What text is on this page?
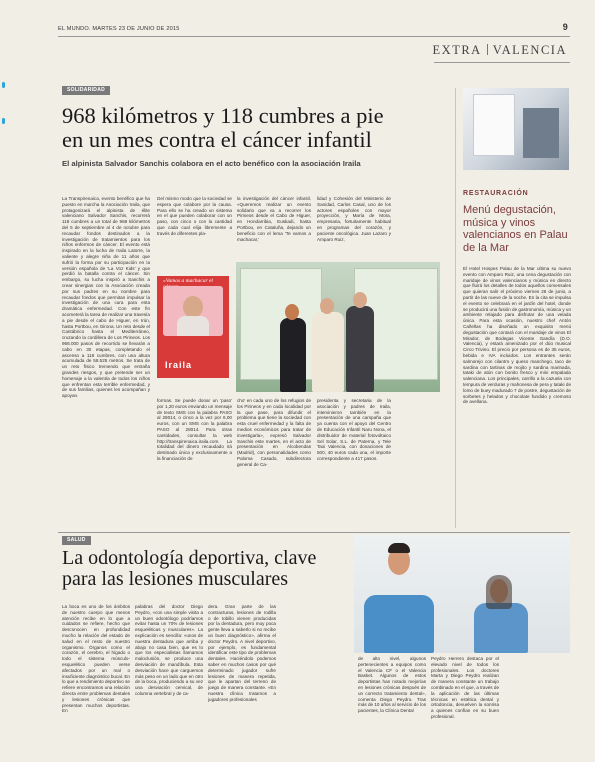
EL MUNDO. MARTES 23 DE JUNIO DE 2015	9
EXTRA VALENCIA
SOLIDARIDAD
968 kilómetros y 118 cumbres a pie
en un mes contra el cáncer infantil
El alpinista Salvador Sanchis colabora en el acto benéfico con la asociación Iraila
La Transpirenaica, evento benéfico que ha puesto en marcha la Asociación Iraila, que protagonizará el alpinista de élite valenciano Salvador Sanchis, recorrerá 118 cumbres a un total de 968 kilómetros del 5 de septiembre al 4 de octubre para recaudar fondos destinados a la investigación de tratamientos para los niños enfermos de cáncer. El evento está inspirado en la lucha de Iraila Latorre, la valiente y alegre niña de 11 años que sufrió la forma por su participación en la versión española de 'La Voz Kids' y que perdió la batalla contra el cáncer. Sin embargo, su lucha inspiró a Sanchis a crear sinergias con la Asociación creada por sus padres en su nombre para recaudar fondos que permitan impulsar la investigación de una cura para esta dramática enfermedad. Con este fin acometerá la tarea de realizar una travesía a pie desde el cabo de Higuer, en Irún, hasta Portbou, en Girona. Un reto desde el Cantábrico hasta el Mediterráneo, cruzando la cordillera de Los Pirineos. Los 968.000 pasos de recorrido se llevarán a cabo en 30 etapas, completando el ascenso a 118 cumbres, con una altura acumulada de 58.525 metros. Se trata de un reto físico tremendo que entraña grandes riesgos, y que pretende ser un homenaje a la valentía de todos los niños que enfrentan esta terrible enfermedad, y de sus familias, quienes les acompañan y apoyan.
Del mismo modo que la sociedad se espera que colabore por la causa. Para ello se ha creado un sistema en el que pueden colaborar con un paso, con cinco o con la cantidad que cada cual elija libremente a través de diferentes pla-
la investigación del cáncer infantil. «Queremos realizar un evento solidario que va a recorrer los Pirineos desde el Cabo de Higuer, en Hondarribia, Euskadi, hasta Portbou, en Cataluña, dejando un beneficio con el lema 'Te vamos a machacar,'
lidad y Cohesión del Ministerio de Sanidad, Carlos Casal, uno de los actores españoles con mayor proyección, y María de Mora, empresaria, fortuitamente habitual en programas del corazón, y paciente oncológica. Juan Lazaro y Amparo Ruiz,
«Vamos a machacar el
Iraila
formas. Se puede donar un 'paso' por 1,20 euros enviando un mensaje de texto SMS con la palabra PASO al 28014, o cinco a la vez por 6,00 euros, con un SMS con la palabra PASO al 28014. Para otras cantidades, consultar la web http://transpirenaica.iraila.com. La totalidad del dinero recaudado irá destinado única y exclusivamente a la financiación de
cho' en cada uno de los refugios de los Pirineos y en cada localidad por la que pase, para difundir el problema que tiene la sociedad con esta cruel enfermedad y la falta de medios económicos para tratar de investigarla», expresó Salvador Sanchis este martes, en el acto de presentación en Alcobendas (Madrid), con personalidades como Paloma Casado, subdirectora general de Ca-
presidenta y secretaria de la asociación y padres de Iraila, intervinieron también en la presentación de una campaña que ya cuenta con el apoyo del Centro de Educación Infantil Naru Nona, el distribuidor de material fotovoltaico Sel Solar, S.L. de Paterna, y Tele Taxi Valencia, con donaciones de 500, 40 euros cada una, el importe correspondiente a 417 pasos.
RESTAURACIÓN
Menú degustación, música y vinos valencianos en Palau de la Mar
El Hotel Hospes Palau de la Mar ultima su nuevo evento con Amparo Ruiz, una cena degustación con maridaje de vinos valencianos y música en directo que fluirá los detalles de todos aquellos comensales que quieran salir el próximo viernes 26 de junio, a partir de las nueve de la noche. En la cita se impulsa el evento se celebrará en el jardín del hotel, donde se producirá una fusión de gastronomía, música y un ambiente relajado para disfrutar de una velada única. Para esta ocasión, nuestro chef Antón Cañellas ha diseñado un exquisito menú degustación que contará con el maridaje de vinos El Mirador, de Bodegas Vicente Gandía (D.O. Valencia), y estará amenizado por el dúo musical Circo Trivino. El precio por persona es de 35 euros, bebida e IVA incluidos. Los entrantes serán salmorejo con cilantro y queso manchego, taco de sardina con tartinas de mojito y sardina marinada, tataki de atún con bonito fresco y mini empalada valenciana. Los principales, carrillo a la cazuela con tempura de verduras y mahonesa de pera y tataki de lomo de buey madurado 7 de postre, degustación de sorbetes y helados y chocolate fundido y cremoso de avellana.
SALUD
La odontología deportiva, clave
para las lesiones musculares
La boca es uno de los ámbitos de nuestro cuerpo que menos atención recibe en lo que a cuidados se refiere, hecho que desconocen en profundidad mucho la relación del estado de salud en el resto de nuestro organismo. Órganos como el corazón, el cerebro, el hígado o todo el sistema músculo-esquelético pueden verse afectados por un mal o insuficiente diagnóstico bucal. En lo que a rendimiento deportivo se refiere encontramos una relación directa entre problemas dentales y lesiones crónicas que presentan muchos deportistas. En
palabras del doctor Diego Peydro, «con una simple visita a un buen odontólogo podríamos evitar hasta un 70% de lesiones esqueléticas y musculares». La explicación es sencilla: «unos de nuestra dentadura que arriba y abajo no casa bien, que es lo que los especialistas llamamos maloclusión, se produce una desviación de mandíbula. Esta desviación hace que carguemos más peso en un lado que en otro de la boca, produciendo a su vez una desviación cervical, de columna vertebral y de ca-
dera. Gran parte de las contracturas, lesiones de rodilla o de tobillo vienen producidas por la dentadura, pero muy poca gente lleva a saberlo si no recibe un buen diagnóstico», afirma el doctor Peydro. A nivel deportivo, por ejemplo, es fundamental identificar este tipo de problemas dentales. Haciéndolo podemos saber en muchos casos por qué determinado jugador sufre lesiones de manera repetida, que le apartan del terreno de juego de manera constante. «En nuestra clínica tratamos a jugadores profesionales
de alto nivel, algunos pertenecientes a equipos como el Valencia CF o el Valencia Basket. Algunos de estos deportistas han notado mejorías en lesiones crónicas después de un correcto tratamiento dental», comenta Diego Peydro. Tras más de 10 años al servicio de los pacientes, la Clínica Dental
Peydro Herrero destaca por el elevado nivel de todos los profesionales. Los doctores Marta y Diego Peydro realizan de manera constante un trabajo combinado en el que, a través de la aplicación de las últimas técnicas en estética dental y ortodoncia, devuelven la sonrisa a quienes confían en su buen profesional.
